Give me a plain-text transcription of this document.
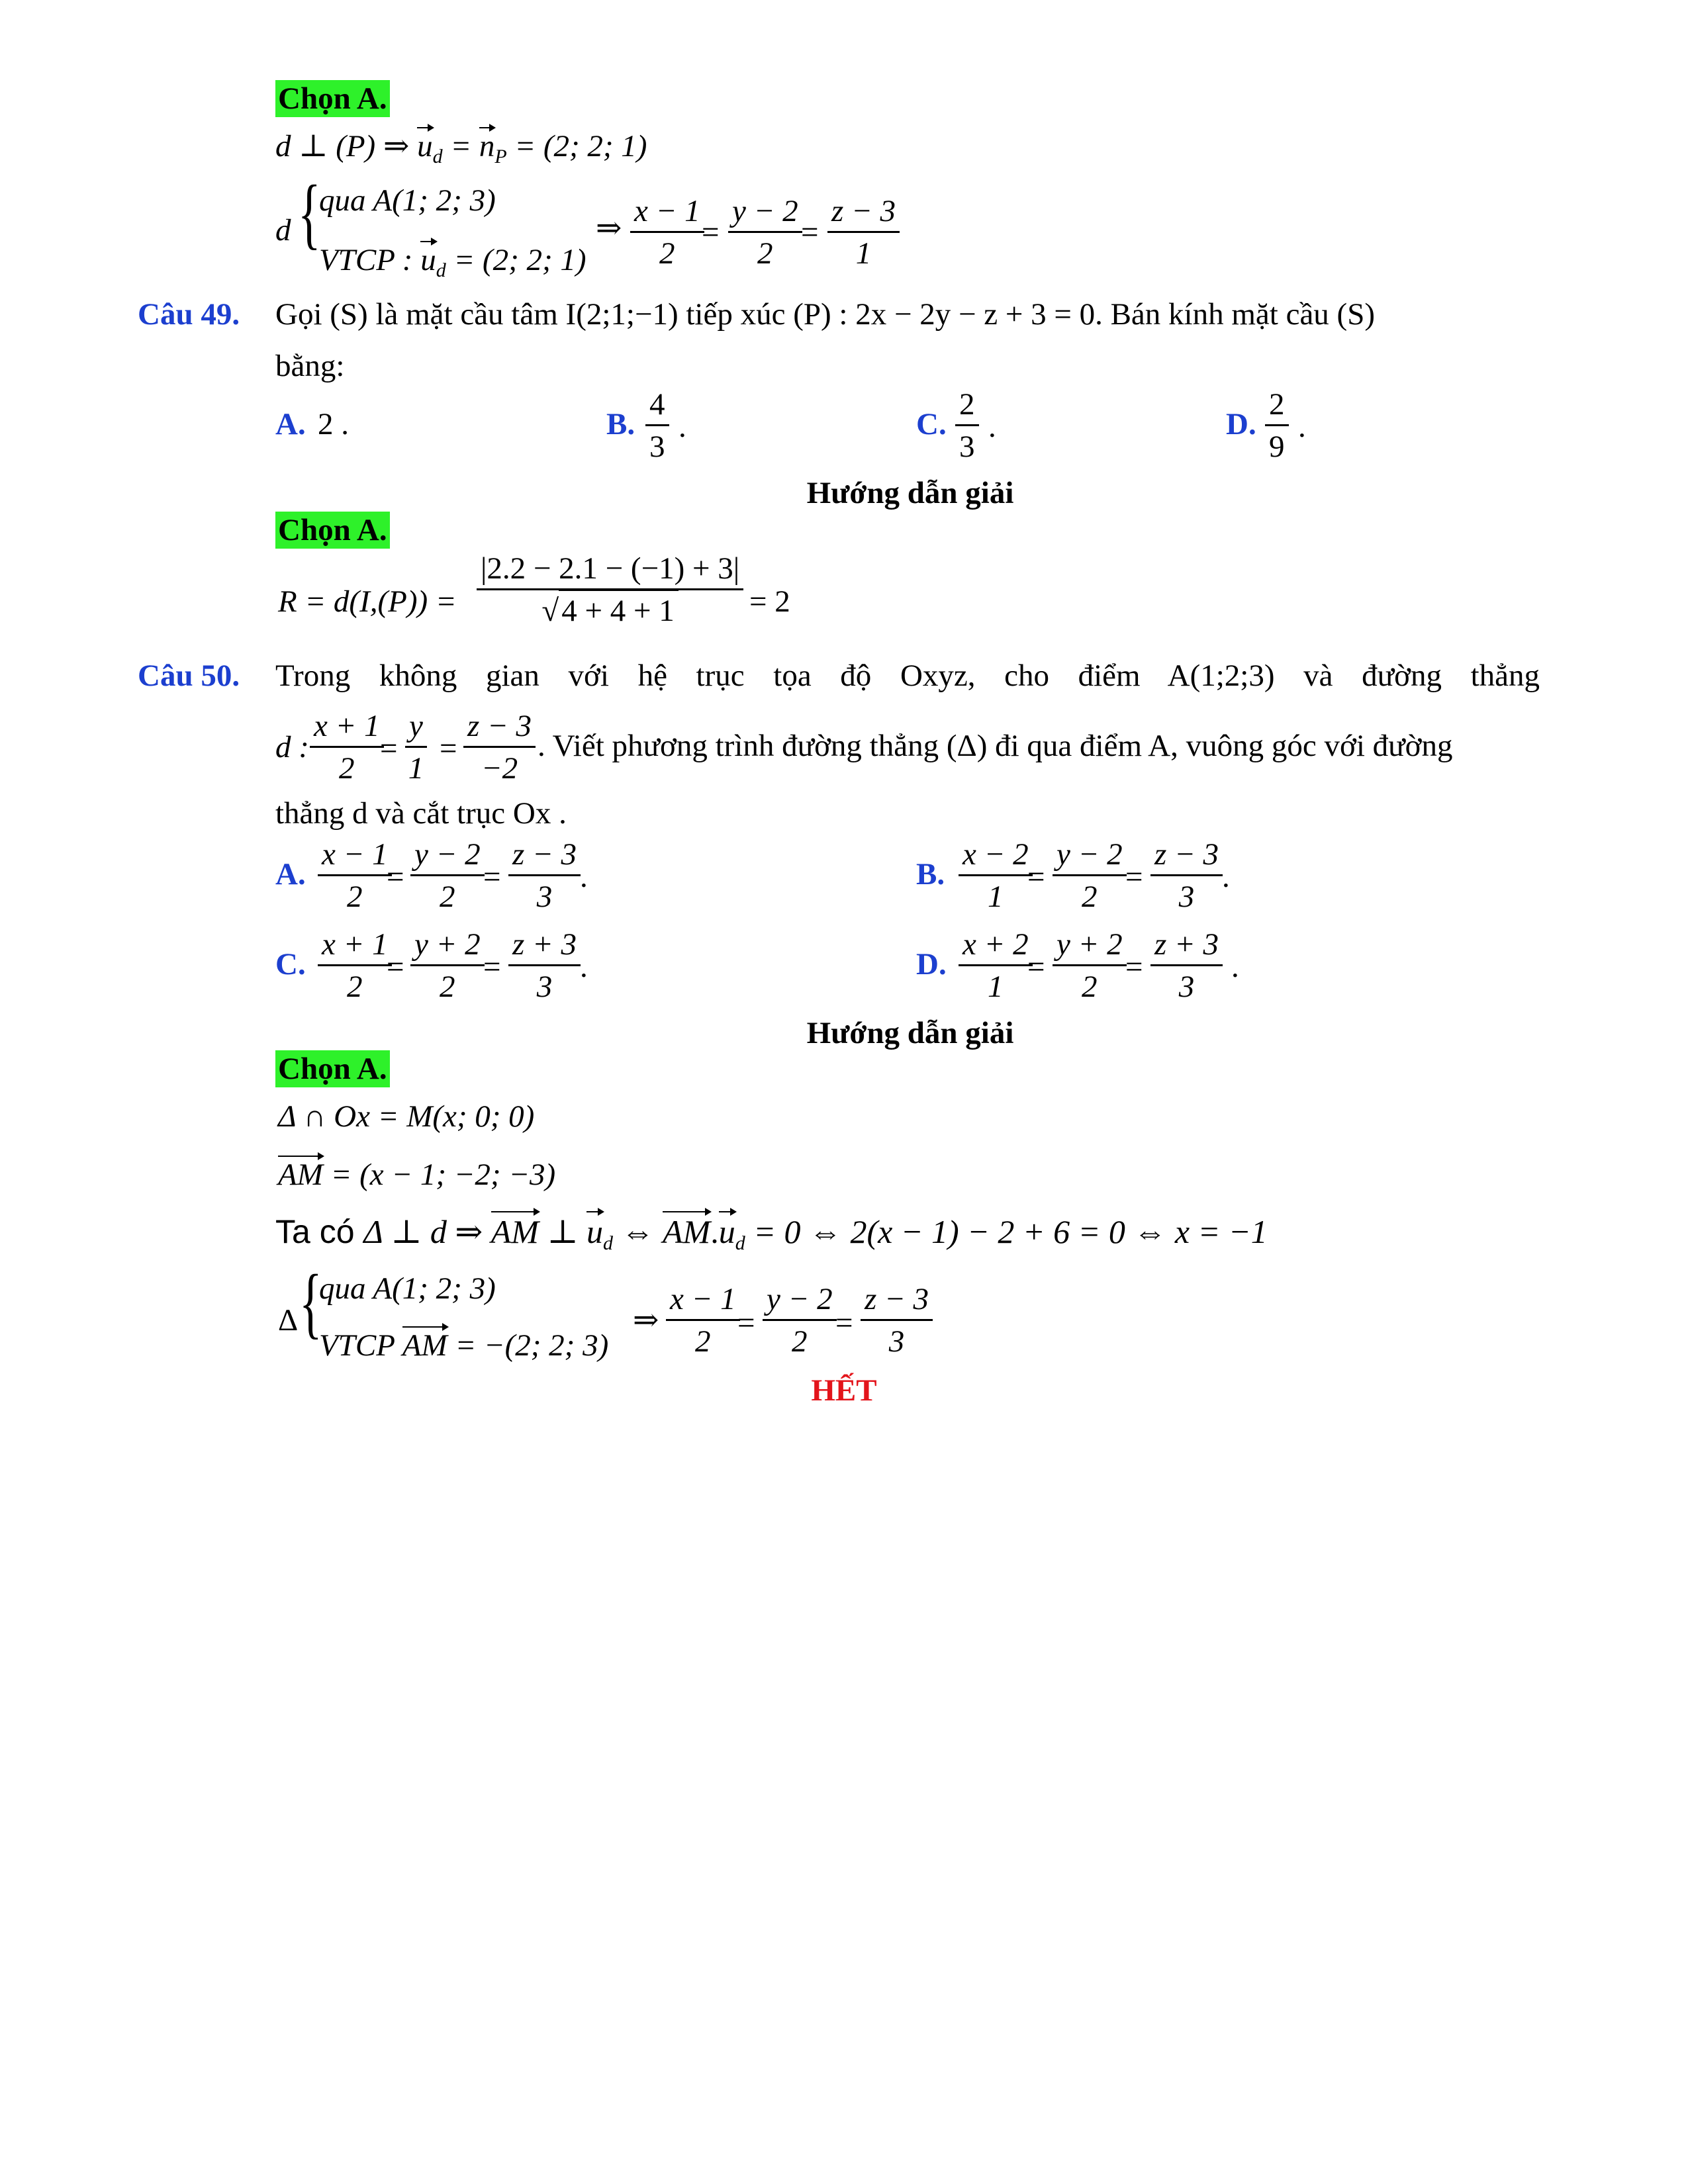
Chọn A.
d ⊥ (P) ⇒ $u_d = n_P = (2$; 2; 1)
d {
qua A(1; 2; 3)
VTCP : $u_d = (2$; 2; 1)
⇒ $\frac{x - 1}{2}$
= $\frac{y - 2}{2}$
= $\frac{z - 3}{1}$
Câu 49. Gọi (S) là mặt cầu tâm I(2;1;−1) tiếp xúc (P) : 2x − 2y − z + 3 = 0. Bán kính mặt cầu (S)
bằng:
A. 2 .	B. $\frac{4}{3}$ .	C. $\frac{2}{3}$ .	D. $\frac{2}{9}$ .
Hướng dẫn giải
Chọn A.
$R = d(I,(P)) = \frac{|2.2 - 2.1 - (-1) + 3|}{√4 + 4 + 1} = 2$
Câu 50. Trong không gian với hệ trục tọa độ Oxyz, cho điểm A(1;2;3) và đường thẳng
d : $\frac{x + 1}{2}$
= $\frac{y}{1} = \frac{z - 3}{-2}$ . Viết phương trình đường thẳng (Δ) đi qua điểm A, vuông góc với đường
thẳng d và cắt trục Ox .
A. $\frac{x - 1}{2}$
= $\frac{y - 2}{2}$
= $\frac{z - 3}{3}$
.	B. $\frac{x - 2}{1}$
= $\frac{y - 2}{2}$
= $\frac{z - 3}{3}$
.
C. $\frac{x + 1}{2}$
= $\frac{y + 2}{2}$
= $\frac{z + 3}{3}$
.	D. $\frac{x + 2}{1}$
= $\frac{y + 2}{2}$
= $\frac{z + 3}{3}$ .
Hướng dẫn giải
Chọn A.
Δ ∩ Ox = M(x; 0; 0)
AM = (x − 1; −2; −3)
Ta có Δ ⊥ d ⇒ AM ⊥ $u_d$ ⇔ $AM.u_d = 0$ ⇔ 2(x − 1) − 2 + 6 = 0 ⇔ x = −1
Δ {
qua A(1; 2; 3)
VTCP AM = −(2; 2; 3)
⇒ $\frac{x - 1}{2}$
= $\frac{y - 2}{2}$
= $\frac{z - 3}{3}$
HẾT
